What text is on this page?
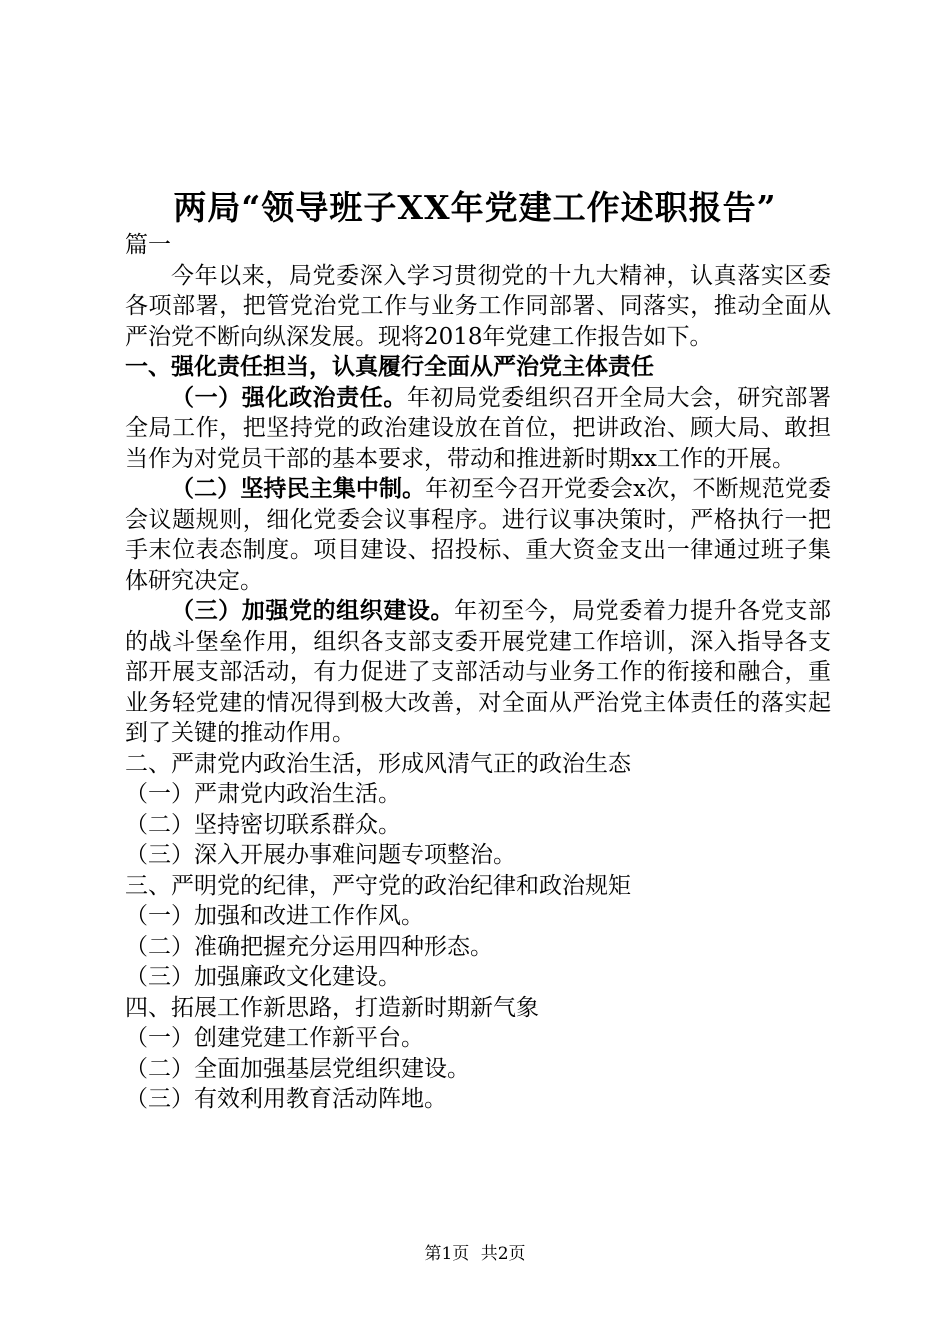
两局“领导班子XX年党建工作述职报告”

篇一

今年以来，局党委深入学习贯彻党的十九大精神，认真落实区委各项部署，把管党治党工作与业务工作同部署、同落实，推动全面从严治党不断向纵深发展。现将2018年党建工作报告如下。

一、强化责任担当，认真履行全面从严治党主体责任

（一）强化政治责任。年初局党委组织召开全局大会，研究部署全局工作，把坚持党的政治建设放在首位，把讲政治、顾大局、敢担当作为对党员干部的基本要求，带动和推进新时期xx工作的开展。

（二）坚持民主集中制。年初至今召开党委会x次，不断规范党委会议题规则，细化党委会议事程序。进行议事决策时，严格执行一把手末位表态制度。项目建设、招投标、重大资金支出一律通过班子集体研究决定。

（三）加强党的组织建设。年初至今，局党委着力提升各党支部的战斗堡垒作用，组织各支部支委开展党建工作培训，深入指导各支部开展支部活动，有力促进了支部活动与业务工作的衔接和融合，重业务轻党建的情况得到极大改善，对全面从严治党主体责任的落实起到了关键的推动作用。

二、严肃党内政治生活，形成风清气正的政治生态

（一）严肃党内政治生活。

（二）坚持密切联系群众。

（三）深入开展办事难问题专项整治。

三、严明党的纪律，严守党的政治纪律和政治规矩

（一）加强和改进工作作风。

（二）准确把握充分运用四种形态。

（三）加强廉政文化建设。

四、拓展工作新思路，打造新时期新气象

（一）创建党建工作新平台。

（二）全面加强基层党组织建设。

（三）有效利用教育活动阵地。

第1页 共2页
